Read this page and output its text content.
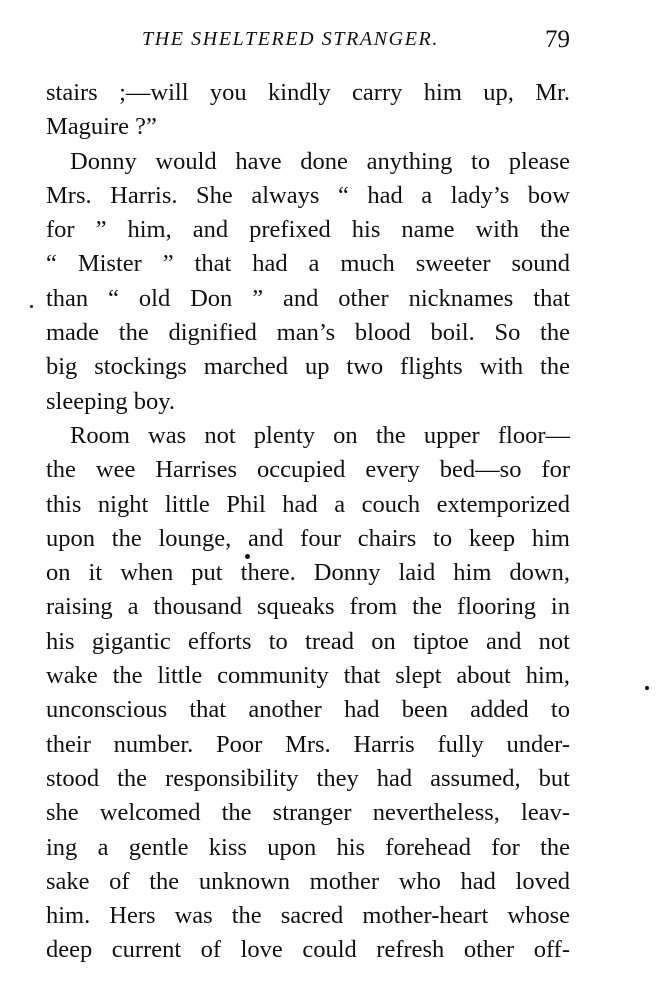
THE SHELTERED STRANGER.	79
stairs ;—will you kindly carry him up, Mr.
Maguire ?”
Donny would have done anything to please
Mrs. Harris. She always “ had a lady’s bow
for ” him, and prefixed his name with the
“ Mister ” that had a much sweeter sound
than “ old Don ” and other nicknames that
made the dignified man’s blood boil. So the
big stockings marched up two flights with the
sleeping boy.
Room was not plenty on the upper floor—
the wee Harrises occupied every bed—so for
this night little Phil had a couch extemporized
upon the lounge, and four chairs to keep him
on it when put there. Donny laid him down,
raising a thousand squeaks from the flooring in
his gigantic efforts to tread on tiptoe and not
wake the little community that slept about him,
unconscious that another had been added to
their number. Poor Mrs. Harris fully under-
stood the responsibility they had assumed, but
she welcomed the stranger nevertheless, leav-
ing a gentle kiss upon his forehead for the
sake of the unknown mother who had loved
him. Hers was the sacred mother-heart whose
deep current of love could refresh other off-
